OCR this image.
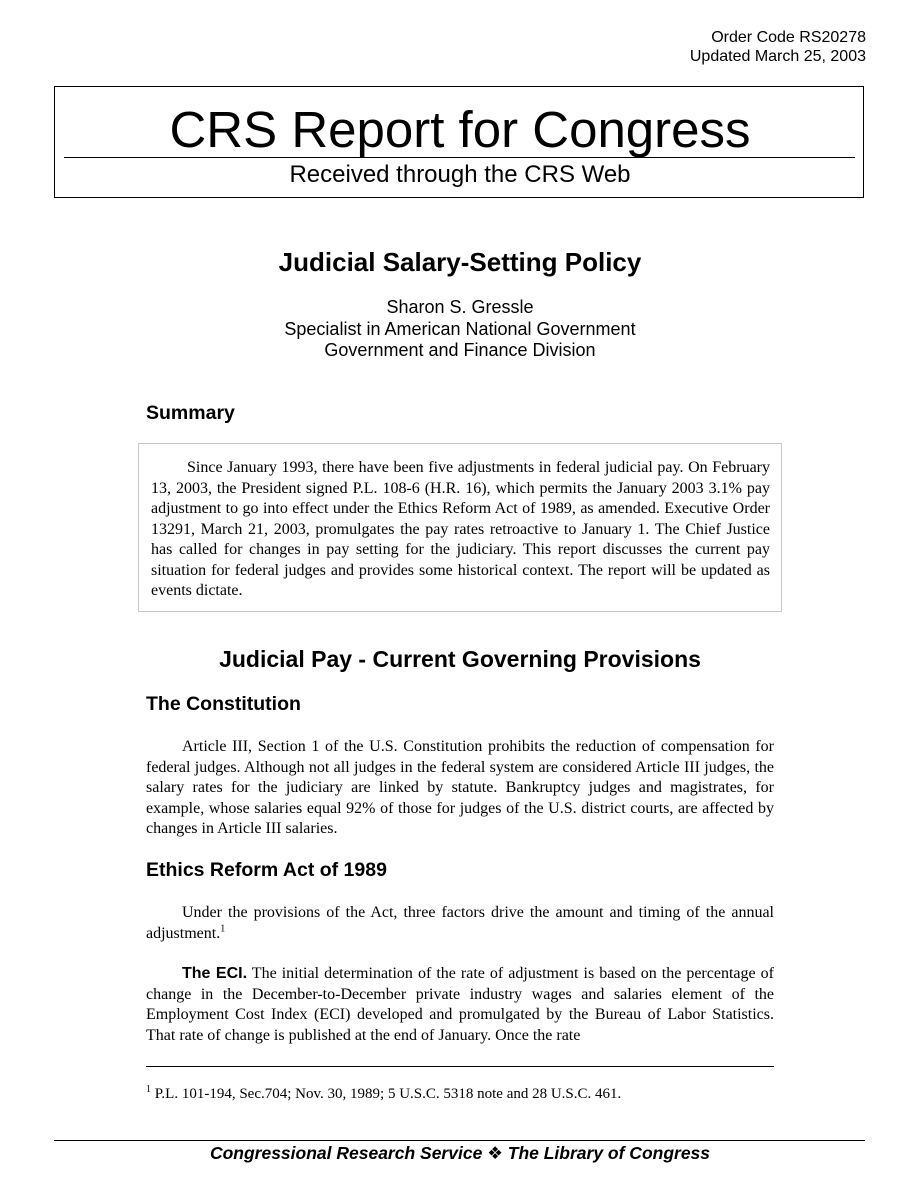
Order Code RS20278
Updated March 25, 2003
CRS Report for Congress
Received through the CRS Web
Judicial Salary-Setting Policy
Sharon S. Gressle
Specialist in American National Government
Government and Finance Division
Summary
Since January 1993, there have been five adjustments in federal judicial pay. On February 13, 2003, the President signed P.L. 108-6 (H.R. 16), which permits the January 2003 3.1% pay adjustment to go into effect under the Ethics Reform Act of 1989, as amended. Executive Order 13291, March 21, 2003, promulgates the pay rates retroactive to January 1. The Chief Justice has called for changes in pay setting for the judiciary. This report discusses the current pay situation for federal judges and provides some historical context. The report will be updated as events dictate.
Judicial Pay - Current Governing Provisions
The Constitution
Article III, Section 1 of the U.S. Constitution prohibits the reduction of compensation for federal judges. Although not all judges in the federal system are considered Article III judges, the salary rates for the judiciary are linked by statute. Bankruptcy judges and magistrates, for example, whose salaries equal 92% of those for judges of the U.S. district courts, are affected by changes in Article III salaries.
Ethics Reform Act of 1989
Under the provisions of the Act, three factors drive the amount and timing of the annual adjustment.$^1$
The ECI. The initial determination of the rate of adjustment is based on the percentage of change in the December-to-December private industry wages and salaries element of the Employment Cost Index (ECI) developed and promulgated by the Bureau of Labor Statistics. That rate of change is published at the end of January. Once the rate
$^1$ P.L. 101-194, Sec.704; Nov. 30, 1989; 5 U.S.C. 5318 note and 28 U.S.C. 461.
Congressional Research Service ❖ The Library of Congress
